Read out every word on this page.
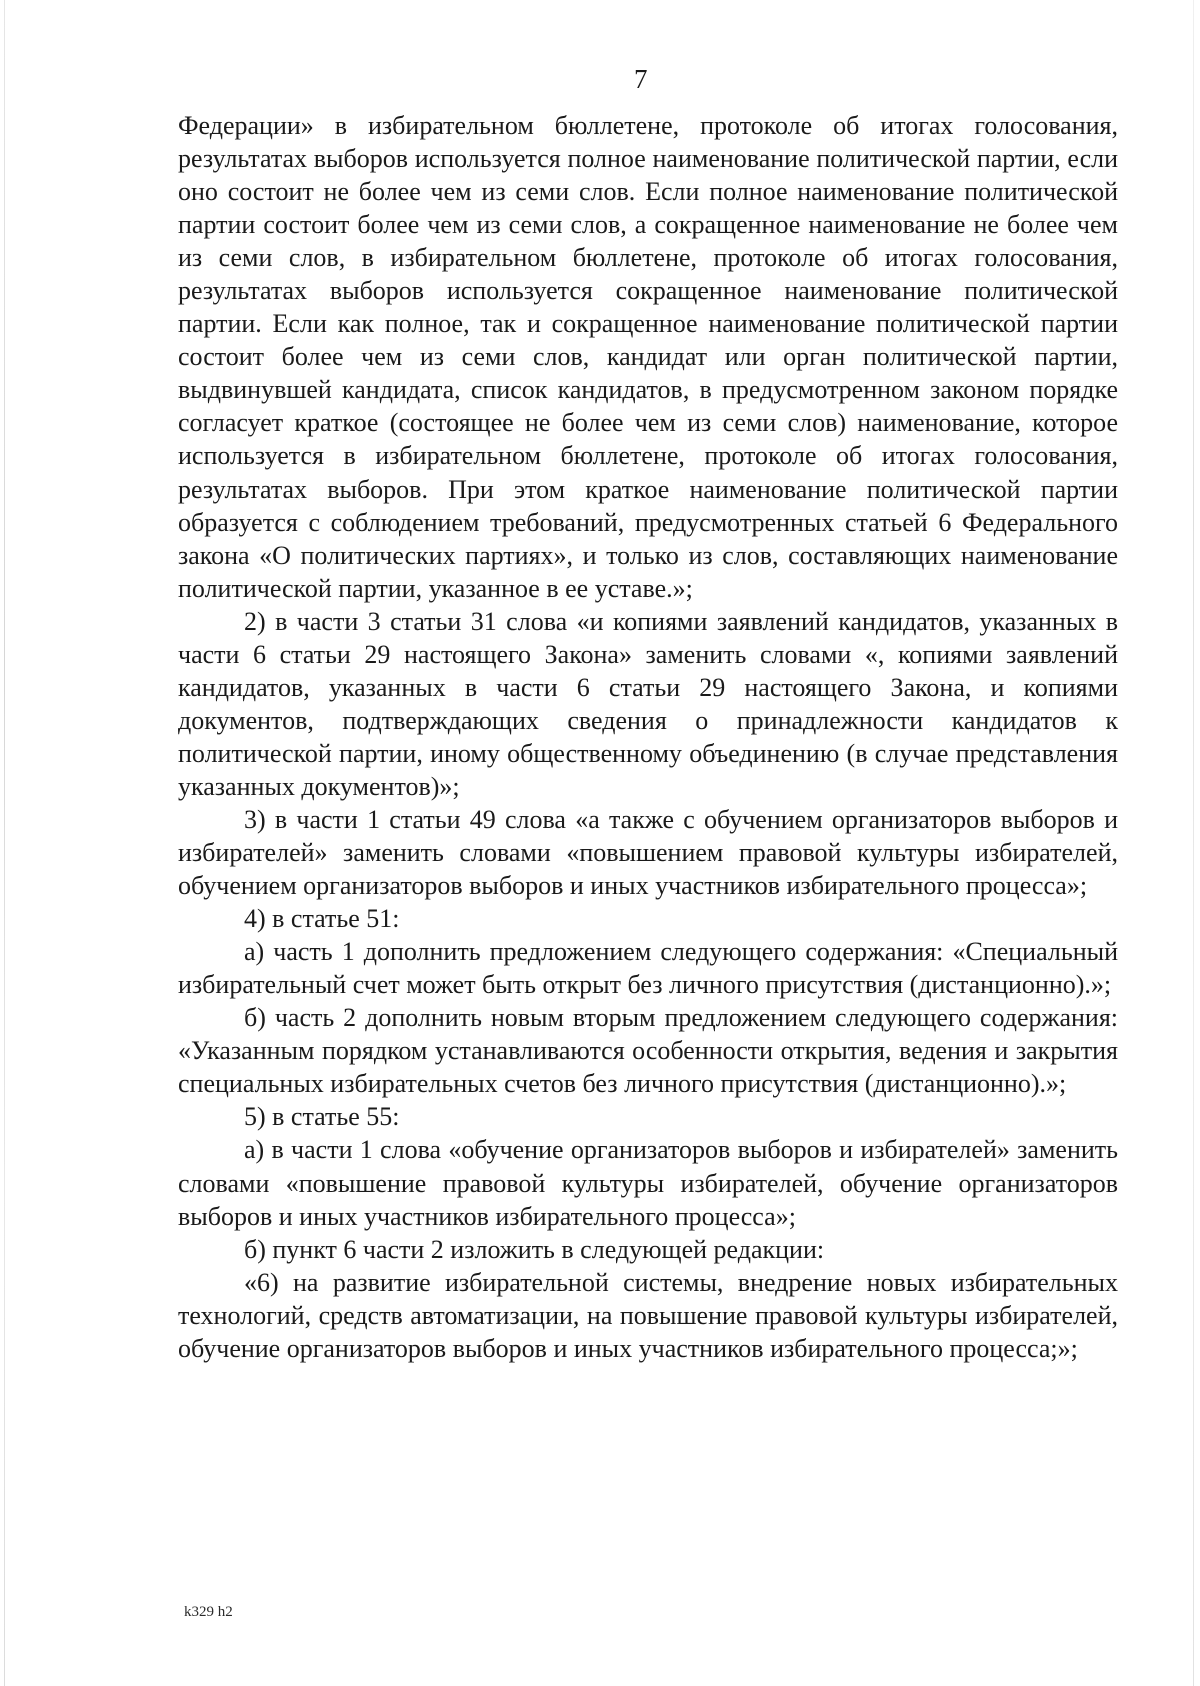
7

Федерации» в избирательном бюллетене, протоколе об итогах голосования, результатах выборов используется полное наименование политической партии, если оно состоит не более чем из семи слов. Если полное наименование политической партии состоит более чем из семи слов, а сокращенное наименование не более чем из семи слов, в избирательном бюллетене, протоколе об итогах голосования, результатах выборов используется сокращенное наименование политической партии. Если как полное, так и сокращенное наименование политической партии состоит более чем из семи слов, кандидат или орган политической партии, выдвинувшей кандидата, список кандидатов, в предусмотренном законом порядке согласует краткое (состоящее не более чем из семи слов) наименование, которое используется в избирательном бюллетене, протоколе об итогах голосования, результатах выборов. При этом краткое наименование политической партии образуется с соблюдением требований, предусмотренных статьей 6 Федерального закона «О политических партиях», и только из слов, составляющих наименование политической партии, указанное в ее уставе.»;

2) в части 3 статьи 31 слова «и копиями заявлений кандидатов, указанных в части 6 статьи 29 настоящего Закона» заменить словами «, копиями заявлений кандидатов, указанных в части 6 статьи 29 настоящего Закона, и копиями документов, подтверждающих сведения о принадлежности кандидатов к политической партии, иному общественному объединению (в случае представления указанных документов)»;

3) в части 1 статьи 49 слова «а также с обучением организаторов выборов и избирателей» заменить словами «повышением правовой культуры избирателей, обучением организаторов выборов и иных участников избирательного процесса»;

4) в статье 51:

а) часть 1 дополнить предложением следующего содержания: «Специальный избирательный счет может быть открыт без личного присутствия (дистанционно).»;

б) часть 2 дополнить новым вторым предложением следующего содержания: «Указанным порядком устанавливаются особенности открытия, ведения и закрытия специальных избирательных счетов без личного присутствия (дистанционно).»;

5) в статье 55:

а) в части 1 слова «обучение организаторов выборов и избирателей» заменить словами «повышение правовой культуры избирателей, обучение организаторов выборов и иных участников избирательного процесса»;

б) пункт 6 части 2 изложить в следующей редакции:

«6) на развитие избирательной системы, внедрение новых избирательных технологий, средств автоматизации, на повышение правовой культуры избирателей, обучение организаторов выборов и иных участников избирательного процесса;»;

k329 h2
